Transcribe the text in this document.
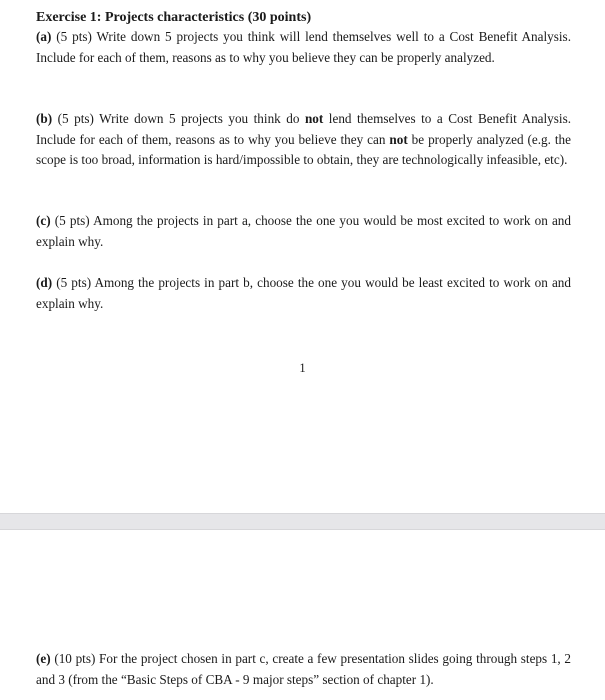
Exercise 1: Projects characteristics (30 points)

(a) (5 pts) Write down 5 projects you think will lend themselves well to a Cost Benefit Analysis. Include for each of them, reasons as to why you believe they can be properly analyzed.

(b) (5 pts) Write down 5 projects you think do not lend themselves to a Cost Benefit Analysis. Include for each of them, reasons as to why you believe they can not be properly analyzed (e.g. the scope is too broad, information is hard/impossible to obtain, they are technologically infeasible, etc).

(c) (5 pts) Among the projects in part a, choose the one you would be most excited to work on and explain why.

(d) (5 pts) Among the projects in part b, choose the one you would be least excited to work on and explain why.

1

(e) (10 pts) For the project chosen in part c, create a few presentation slides going through steps 1, 2 and 3 (from the “Basic Steps of CBA - 9 major steps” section of chapter 1).
